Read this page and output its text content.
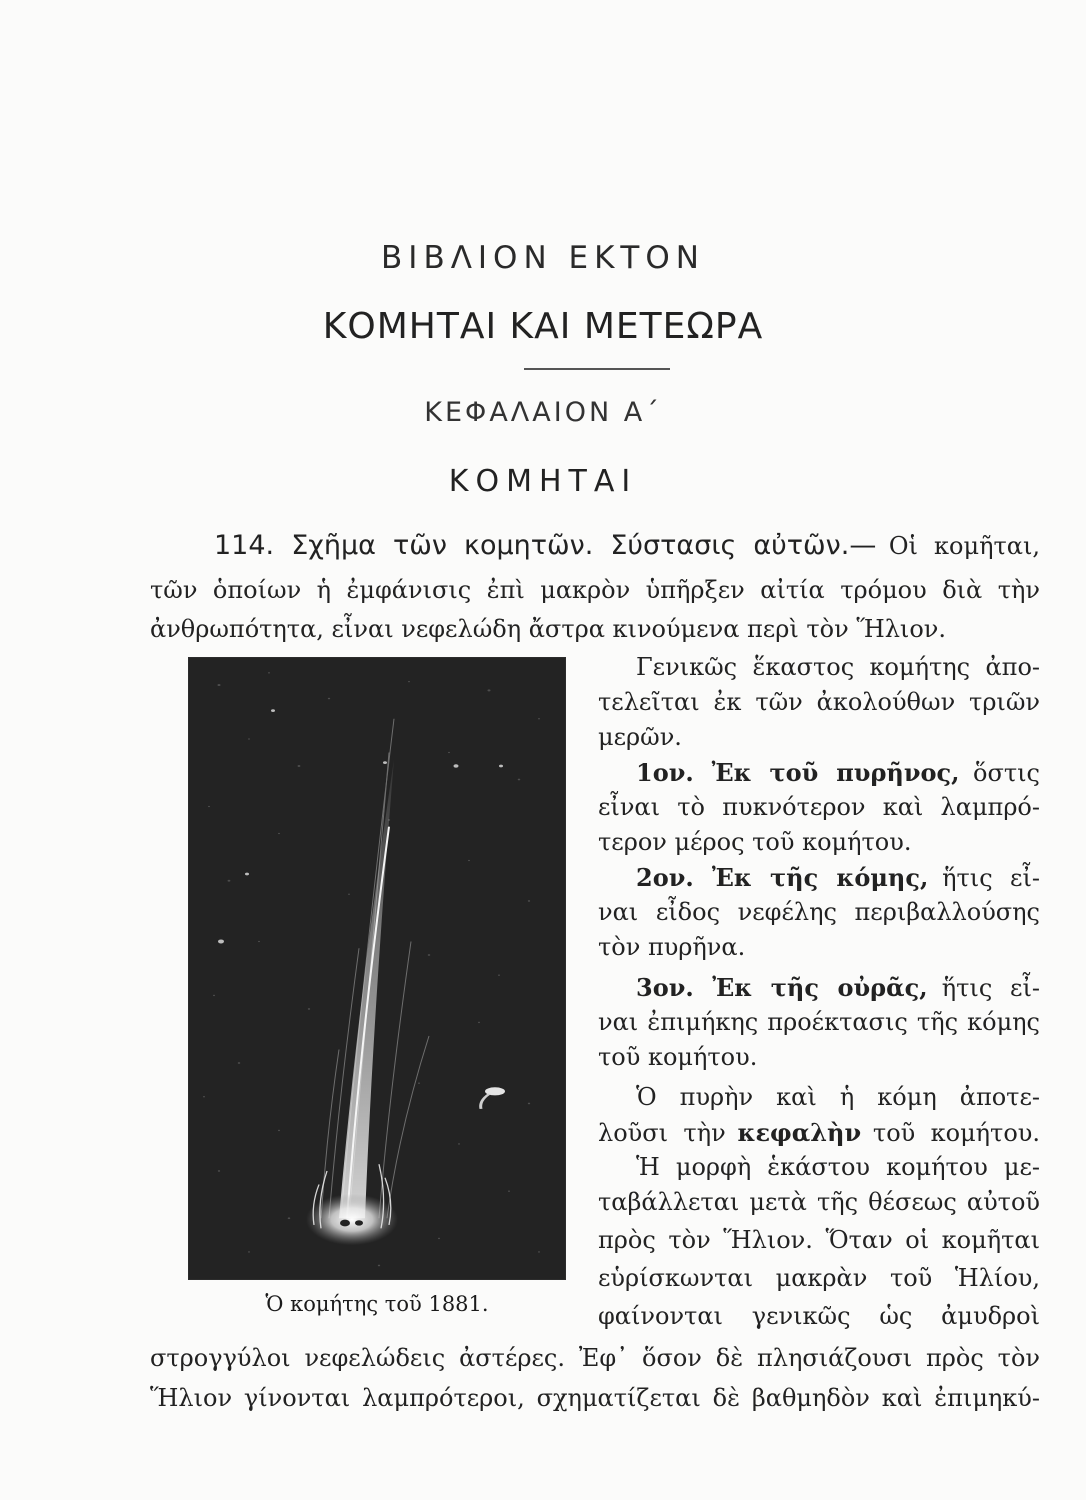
ΒΙΒΛΙΟΝ ΕΚΤΟΝ
ΚΟΜΗΤΑΙ ΚΑΙ ΜΕΤΕΩΡΑ
ΚΕΦΑΛΑΙΟΝ Α΄
ΚΟΜΗΤΑΙ
114. Σχῆμα τῶν κομητῶν. Σύστασις αὐτῶν.— Οἱ κομῆται,
τῶν ὁποίων ἡ ἐμφάνισις ἐπὶ μακρὸν ὑπῆρξεν αἰτία τρόμου διὰ τὴν
ἀνθρωπότητα, εἶναι νεφελώδη ἄστρα κινούμενα περὶ τὸν Ἥλιον.
Γενικῶς ἕκαστος κομήτης ἀπο-
τελεῖται ἐκ τῶν ἀκολούθων τριῶν
μερῶν.
1ον. Ἐκ τοῦ πυρῆνος, ὅστις
εἶναι τὸ πυκνότερον καὶ λαμπρό-
τερον μέρος τοῦ κομήτου.
2ον. Ἐκ τῆς κόμης, ἥτις εἶ-
ναι εἶδος νεφέλης περιβαλλούσης
τὸν πυρῆνα.
3ον. Ἐκ τῆς οὐρᾶς, ἥτις εἶ-
ναι ἐπιμήκης προέκτασις τῆς κόμης
τοῦ κομήτου.
Ὁ πυρὴν καὶ ἡ κόμη ἀποτε-
λοῦσι τὴν κεφαλὴν τοῦ κομήτου.
Ἡ μορφὴ ἑκάστου κομήτου με-
ταβάλλεται μετὰ τῆς θέσεως αὐτοῦ
πρὸς τὸν Ἥλιον. Ὅταν οἱ κομῆται
εὑρίσκωνται μακρὰν τοῦ Ἡλίου,
φαίνονται γενικῶς ὡς ἀμυδροὶ
Ὁ κομήτης τοῦ 1881.
στρογγύλοι νεφελώδεις ἀστέρες. Ἐφ᾽ ὅσον δὲ πλησιάζουσι πρὸς τὸν
Ἥλιον γίνονται λαμπρότεροι, σχηματίζεται δὲ βαθμηδὸν καὶ ἐπιμηκύ-
